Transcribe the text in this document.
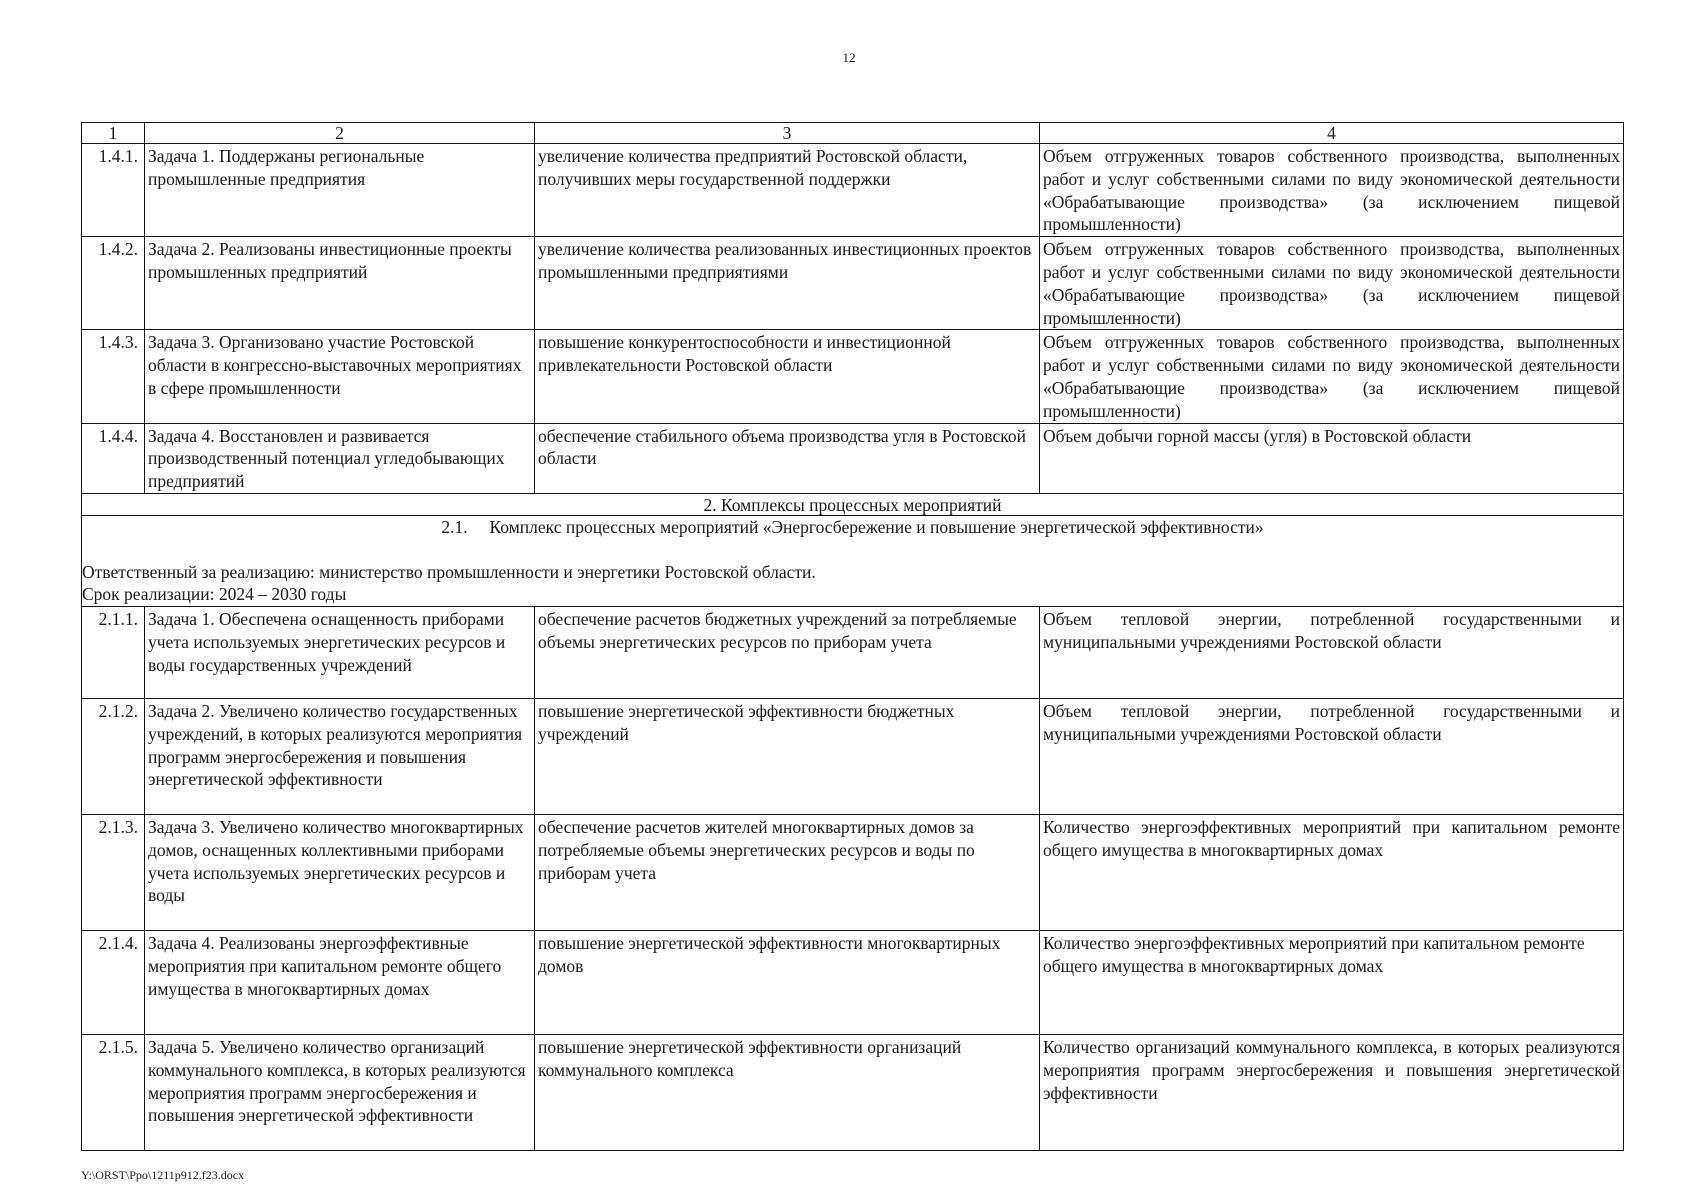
12
1	2	3	4
1.4.1.	Задача 1. Поддержаны региональные промышленные предприятия	увеличение количества предприятий Ростовской области, получивших меры государственной поддержки	Объем отгруженных товаров собственного производства, выполненных работ и услуг собственными силами по виду экономической деятельности «Обрабатывающие производства» (за исключением пищевой промышленности)
1.4.2.	Задача 2. Реализованы инвестиционные проекты промышленных предприятий	увеличение количества реализованных инвестиционных проектов промышленными предприятиями	Объем отгруженных товаров собственного производства, выполненных работ и услуг собственными силами по виду экономической деятельности «Обрабатывающие производства» (за исключением пищевой промышленности)
1.4.3.	Задача 3. Организовано участие Ростовской области в конгрессно-выставочных мероприятиях в сфере промышленности	повышение конкурентоспособности и инвестиционной привлекательности Ростовской области	Объем отгруженных товаров собственного производства, выполненных работ и услуг собственными силами по виду экономической деятельности «Обрабатывающие производства» (за исключением пищевой промышленности)
1.4.4.	Задача 4. Восстановлен и развивается производственный потенциал угледобывающих предприятий	обеспечение стабильного объема производства угля в Ростовской области	Объем добычи горной массы (угля) в Ростовской области
2. Комплексы процессных мероприятий			

2.1.     Комплекс процессных мероприятий «Энергосбережение и повышение энергетической эффективности»
Ответственный за реализацию: министерство промышленности и энергетики Ростовской области.
Срок реализации: 2024 – 2030 годы			

2.1.1.	Задача 1. Обеспечена оснащенность приборами учета используемых энергетических ресурсов и воды государственных учреждений	обеспечение расчетов бюджетных учреждений за потребляемые объемы энергетических ресурсов по приборам учета	Объем тепловой энергии, потребленной государственными и муниципальными учреждениями Ростовской области
2.1.2.	Задача 2. Увеличено количество государственных учреждений, в которых реализуются мероприятия программ энергосбережения и повышения энергетической эффективности	повышение энергетической эффективности бюджетных учреждений	Объем тепловой энергии, потребленной государственными и муниципальными учреждениями Ростовской области
2.1.3.	Задача 3. Увеличено количество многоквартирных домов, оснащенных коллективными приборами учета используемых энергетических ресурсов и воды	обеспечение расчетов жителей многоквартирных домов за потребляемые объемы энергетических ресурсов и воды по приборам учета	Количество энергоэффективных мероприятий при капитальном ремонте общего имущества в многоквартирных домах
2.1.4.	Задача 4. Реализованы энергоэффективные мероприятия при капитальном ремонте общего имущества в многоквартирных домах	повышение энергетической эффективности многоквартирных домов	Количество энергоэффективных мероприятий при капитальном ремонте общего имущества в многоквартирных домах
2.1.5.	Задача 5. Увеличено количество организаций коммунального комплекса, в которых реализуются мероприятия программ энергосбережения и повышения энергетической эффективности	повышение энергетической эффективности организаций коммунального комплекса	Количество организаций коммунального комплекса, в которых реализуются мероприятия программ энергосбережения и повышения энергетической эффективности
Y:\ORST\Ppo\1211p912.f23.docx
